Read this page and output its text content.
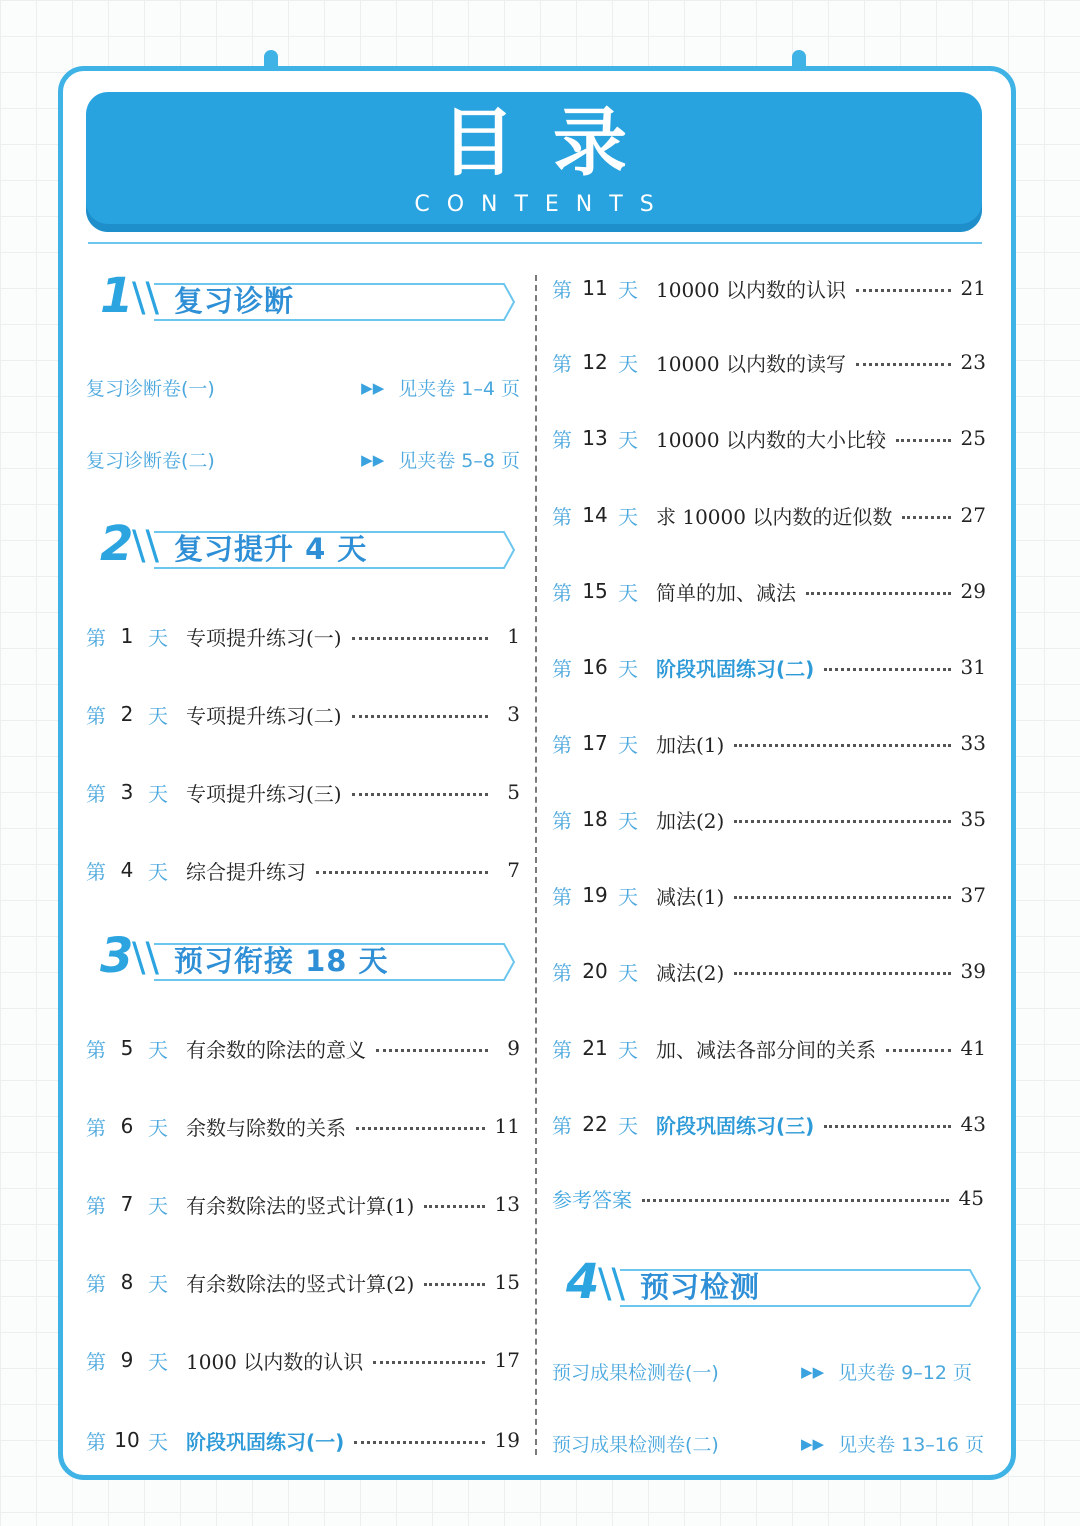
目录
CONTENTS
1
\\ 复习诊断
2
\\ 复习提升 4 天
3
\\ 预习衔接 18 天
4
\\ 预习检测
复习诊断卷(一)	▶▶ 见夹卷 1–4 页
复习诊断卷(二)	▶▶ 见夹卷 5–8 页
第 1 天 专项提升练习(一)	1
第 2 天 专项提升练习(二)	3
第 3 天 专项提升练习(三)	5
第 4 天 综合提升练习	7
第 5 天 有余数的除法的意义	9
第 6 天 余数与除数的关系	11
第 7 天 有余数除法的竖式计算(1)	13
第 8 天 有余数除法的竖式计算(2)	15
第 9 天 1000 以内数的认识	17
第 10 天 阶段巩固练习(一)	19
第 11 天 10000 以内数的认识	21
第 12 天 10000 以内数的读写	23
第 13 天 10000 以内数的大小比较	25
第 14 天 求 10000 以内数的近似数	27
第 15 天 简单的加、减法	29
第 16 天 阶段巩固练习(二)	31
第 17 天 加法(1)	33
第 18 天 加法(2)	35
第 19 天 减法(1)	37
第 20 天 减法(2)	39
第 21 天 加、减法各部分间的关系	41
第 22 天 阶段巩固练习(三)	43
参考答案	45
预习成果检测卷(一)	▶▶ 见夹卷 9–12 页
预习成果检测卷(二)	▶▶ 见夹卷 13–16 页
